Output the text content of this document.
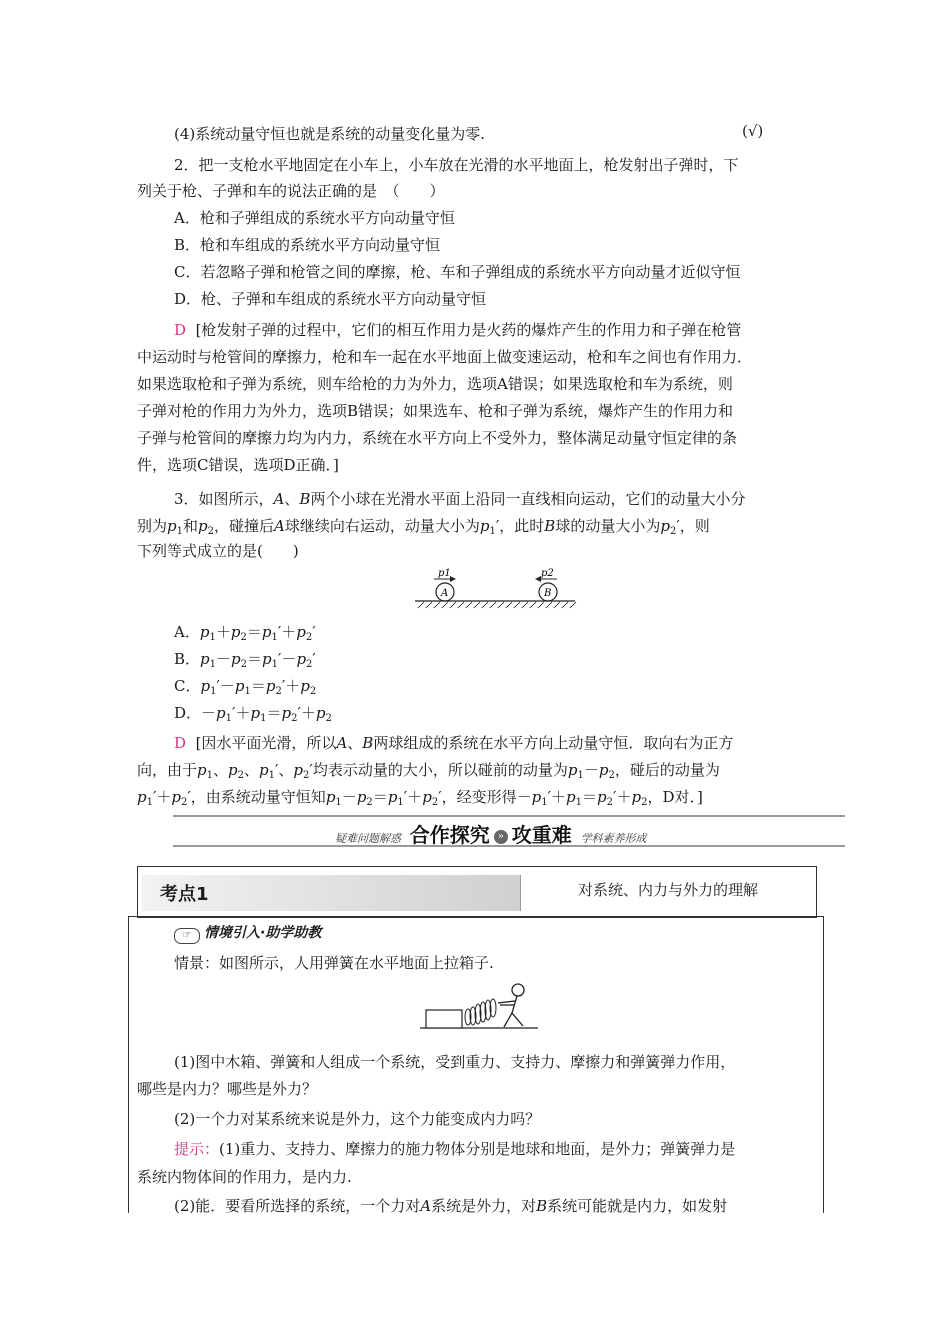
(4)系统动量守恒也就是系统的动量变化量为零.	(√)
2．把一支枪水平地固定在小车上，小车放在光滑的水平地面上，枪发射出子弹时，下
列关于枪、子弹和车的说法正确的是　（　　）
A．枪和子弹组成的系统水平方向动量守恒
B．枪和车组成的系统水平方向动量守恒
C．若忽略子弹和枪管之间的摩擦，枪、车和子弹组成的系统水平方向动量才近似守恒
D．枪、子弹和车组成的系统水平方向动量守恒
D [枪发射子弹的过程中，它们的相互作用力是火药的爆炸产生的作用力和子弹在枪管
中运动时与枪管间的摩擦力，枪和车一起在水平地面上做变速运动，枪和车之间也有作用力．
如果选取枪和子弹为系统，则车给枪的力为外力，选项A错误；如果选取枪和车为系统，则
子弹对枪的作用力为外力，选项B错误；如果选车、枪和子弹为系统，爆炸产生的作用力和
子弹与枪管间的摩擦力均为内力，系统在水平方向上不受外力，整体满足动量守恒定律的条
件，选项C错误，选项D正确．]
3．如图所示，A、B两个小球在光滑水平面上沿同一直线相向运动，它们的动量大小分
别为$p_1$和$p_2$，碰撞后A球继续向右运动，动量大小为$p_1'$，此时B球的动量大小为$p_2'$，则
下列等式成立的是(　　)
p1	p2
A	B
A．$p_1+p_2=p_1'+p_2'$
B．$p_1-p_2=p_1'-p_2'$
C．$p_1'-p_1=p_2'+p_2$
D．$-p_1'+p_1=p_2'+p_2$
D [因水平面光滑，所以A、B两球组成的系统在水平方向上动量守恒．取向右为正方
向，由于$p_1$、$p_2$、$p_1'$、$p_2'$均表示动量的大小，所以碰前的动量为$p_1-p_2$，碰后的动量为
$p_1'+p_2'$，由系统动量守恒知$p_1-p_2=p_1'+p_2'$，经变形得$-p_1'+p_1=p_2'+p_2$，D对．]
疑难问题解惑 合作探究 » 攻重难 学科素养形成
考点1	对系统、内力与外力的理解
☞ 情境引入·助学助教
情景：如图所示，人用弹簧在水平地面上拉箱子.
(1)图中木箱、弹簧和人组成一个系统，受到重力、支持力、摩擦力和弹簧弹力作用，
哪些是内力？哪些是外力？
(2)一个力对某系统来说是外力，这个力能变成内力吗？
提示：(1)重力、支持力、摩擦力的施力物体分别是地球和地面，是外力；弹簧弹力是
系统内物体间的作用力，是内力.
(2)能．要看所选择的系统，一个力对A系统是外力，对B系统可能就是内力，如发射
